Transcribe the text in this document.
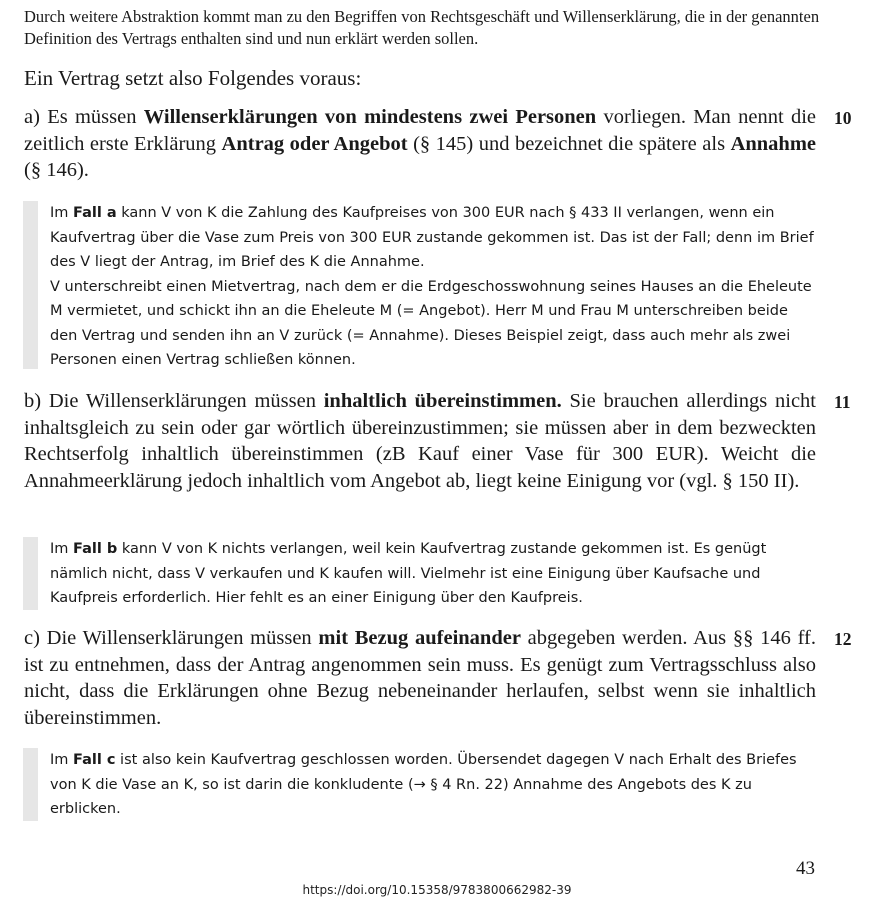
Durch weitere Abstraktion kommt man zu den Begriffen von Rechtsgeschäft und Willenserklärung, die in der genannten Definition des Vertrags enthalten sind und nun erklärt werden sollen.

Ein Vertrag setzt also Folgendes voraus:

a) Es müssen Willenserklärungen von mindestens zwei Personen vorliegen. Man nennt die zeitlich erste Erklärung Antrag oder Angebot (§ 145) und bezeichnet die spätere als Annahme (§ 146).

10
Im Fall a kann V von K die Zahlung des Kaufpreises von 300 EUR nach § 433 II verlangen, wenn ein Kaufvertrag über die Vase zum Preis von 300 EUR zustande gekommen ist. Das ist der Fall; denn im Brief des V liegt der Antrag, im Brief des K die Annahme.
V unterschreibt einen Mietvertrag, nach dem er die Erdgeschosswohnung seines Hauses an die Eheleute M vermietet, und schickt ihn an die Eheleute M (= Angebot). Herr M und Frau M unterschreiben beide den Vertrag und senden ihn an V zurück (= Annahme). Dieses Beispiel zeigt, dass auch mehr als zwei Personen einen Vertrag schließen können.

b) Die Willenserklärungen müssen inhaltlich übereinstimmen. Sie brauchen allerdings nicht inhaltsgleich zu sein oder gar wörtlich übereinzustimmen; sie müssen aber in dem bezweckten Rechtserfolg inhaltlich übereinstimmen (zB Kauf einer Vase für 300 EUR). Weicht die Annahmeerklärung jedoch inhaltlich vom Angebot ab, liegt keine Einigung vor (vgl. § 150 II).

11
Im Fall b kann V von K nichts verlangen, weil kein Kaufvertrag zustande gekommen ist. Es genügt nämlich nicht, dass V verkaufen und K kaufen will. Vielmehr ist eine Einigung über Kaufsache und Kaufpreis erforderlich. Hier fehlt es an einer Einigung über den Kaufpreis.

c) Die Willenserklärungen müssen mit Bezug aufeinander abgegeben werden. Aus §§ 146 ff. ist zu entnehmen, dass der Antrag angenommen sein muss. Es genügt zum Vertragsschluss also nicht, dass die Erklärungen ohne Bezug nebeneinander herlaufen, selbst wenn sie inhaltlich übereinstimmen.

12
Im Fall c ist also kein Kaufvertrag geschlossen worden. Übersendet dagegen V nach Erhalt des Briefes von K die Vase an K, so ist darin die konkludente (→ § 4 Rn. 22) Annahme des Angebots des K zu erblicken.
43
https://doi.org/10.15358/9783800662982-39
